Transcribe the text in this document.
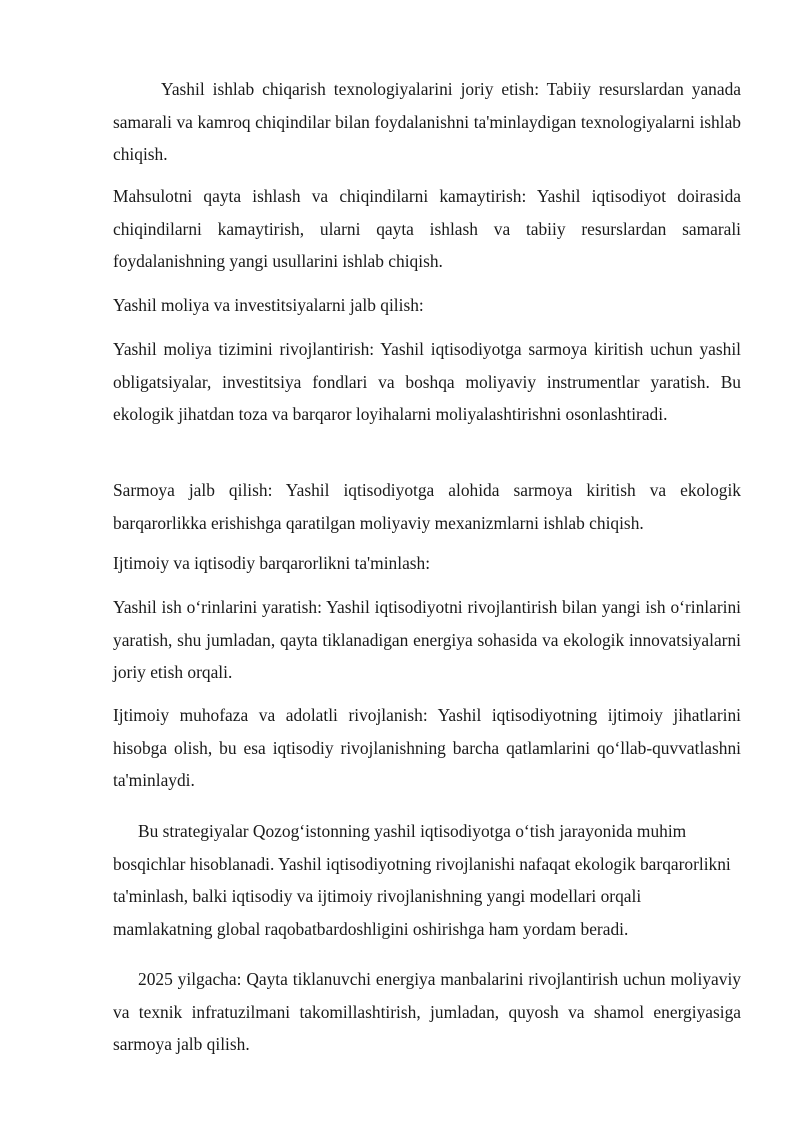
Yashil ishlab chiqarish texnologiyalarini joriy etish: Tabiiy resurslardan yanada samarali va kamroq chiqindilar bilan foydalanishni ta'minlaydigan texnologiyalarni ishlab chiqish.

Mahsulotni qayta ishlash va chiqindilarni kamaytirish: Yashil iqtisodiyot doirasida chiqindilarni kamaytirish, ularni qayta ishlash va tabiiy resurslardan samarali foydalanishning yangi usullarini ishlab chiqish.

Yashil moliya va investitsiyalarni jalb qilish:

Yashil moliya tizimini rivojlantirish: Yashil iqtisodiyotga sarmoya kiritish uchun yashil obligatsiyalar, investitsiya fondlari va boshqa moliyaviy instrumentlar yaratish. Bu ekologik jihatdan toza va barqaror loyihalarni moliyalashtirishni osonlashtiradi.

Sarmoya jalb qilish: Yashil iqtisodiyotga alohida sarmoya kiritish va ekologik barqarorlikka erishishga qaratilgan moliyaviy mexanizmlarni ishlab chiqish.

Ijtimoiy va iqtisodiy barqarorlikni ta'minlash:

Yashil ish o‘rinlarini yaratish: Yashil iqtisodiyotni rivojlantirish bilan yangi ish o‘rinlarini yaratish, shu jumladan, qayta tiklanadigan energiya sohasida va ekologik innovatsiyalarni joriy etish orqali.

Ijtimoiy muhofaza va adolatli rivojlanish: Yashil iqtisodiyotning ijtimoiy jihatlarini hisobga olish, bu esa iqtisodiy rivojlanishning barcha qatlamlarini qo‘llab-quvvatlashni ta'minlaydi.

Bu strategiyalar Qozog‘istonning yashil iqtisodiyotga o‘tish jarayonida muhim bosqichlar hisoblanadi. Yashil iqtisodiyotning rivojlanishi nafaqat ekologik barqarorlikni ta'minlash, balki iqtisodiy va ijtimoiy rivojlanishning yangi modellari orqali mamlakatning global raqobatbardoshligini oshirishga ham yordam beradi.

2025 yilgacha: Qayta tiklanuvchi energiya manbalarini rivojlantirish uchun moliyaviy va texnik infratuzilmani takomillashtirish, jumladan, quyosh va shamol energiyasiga sarmoya jalb qilish.
